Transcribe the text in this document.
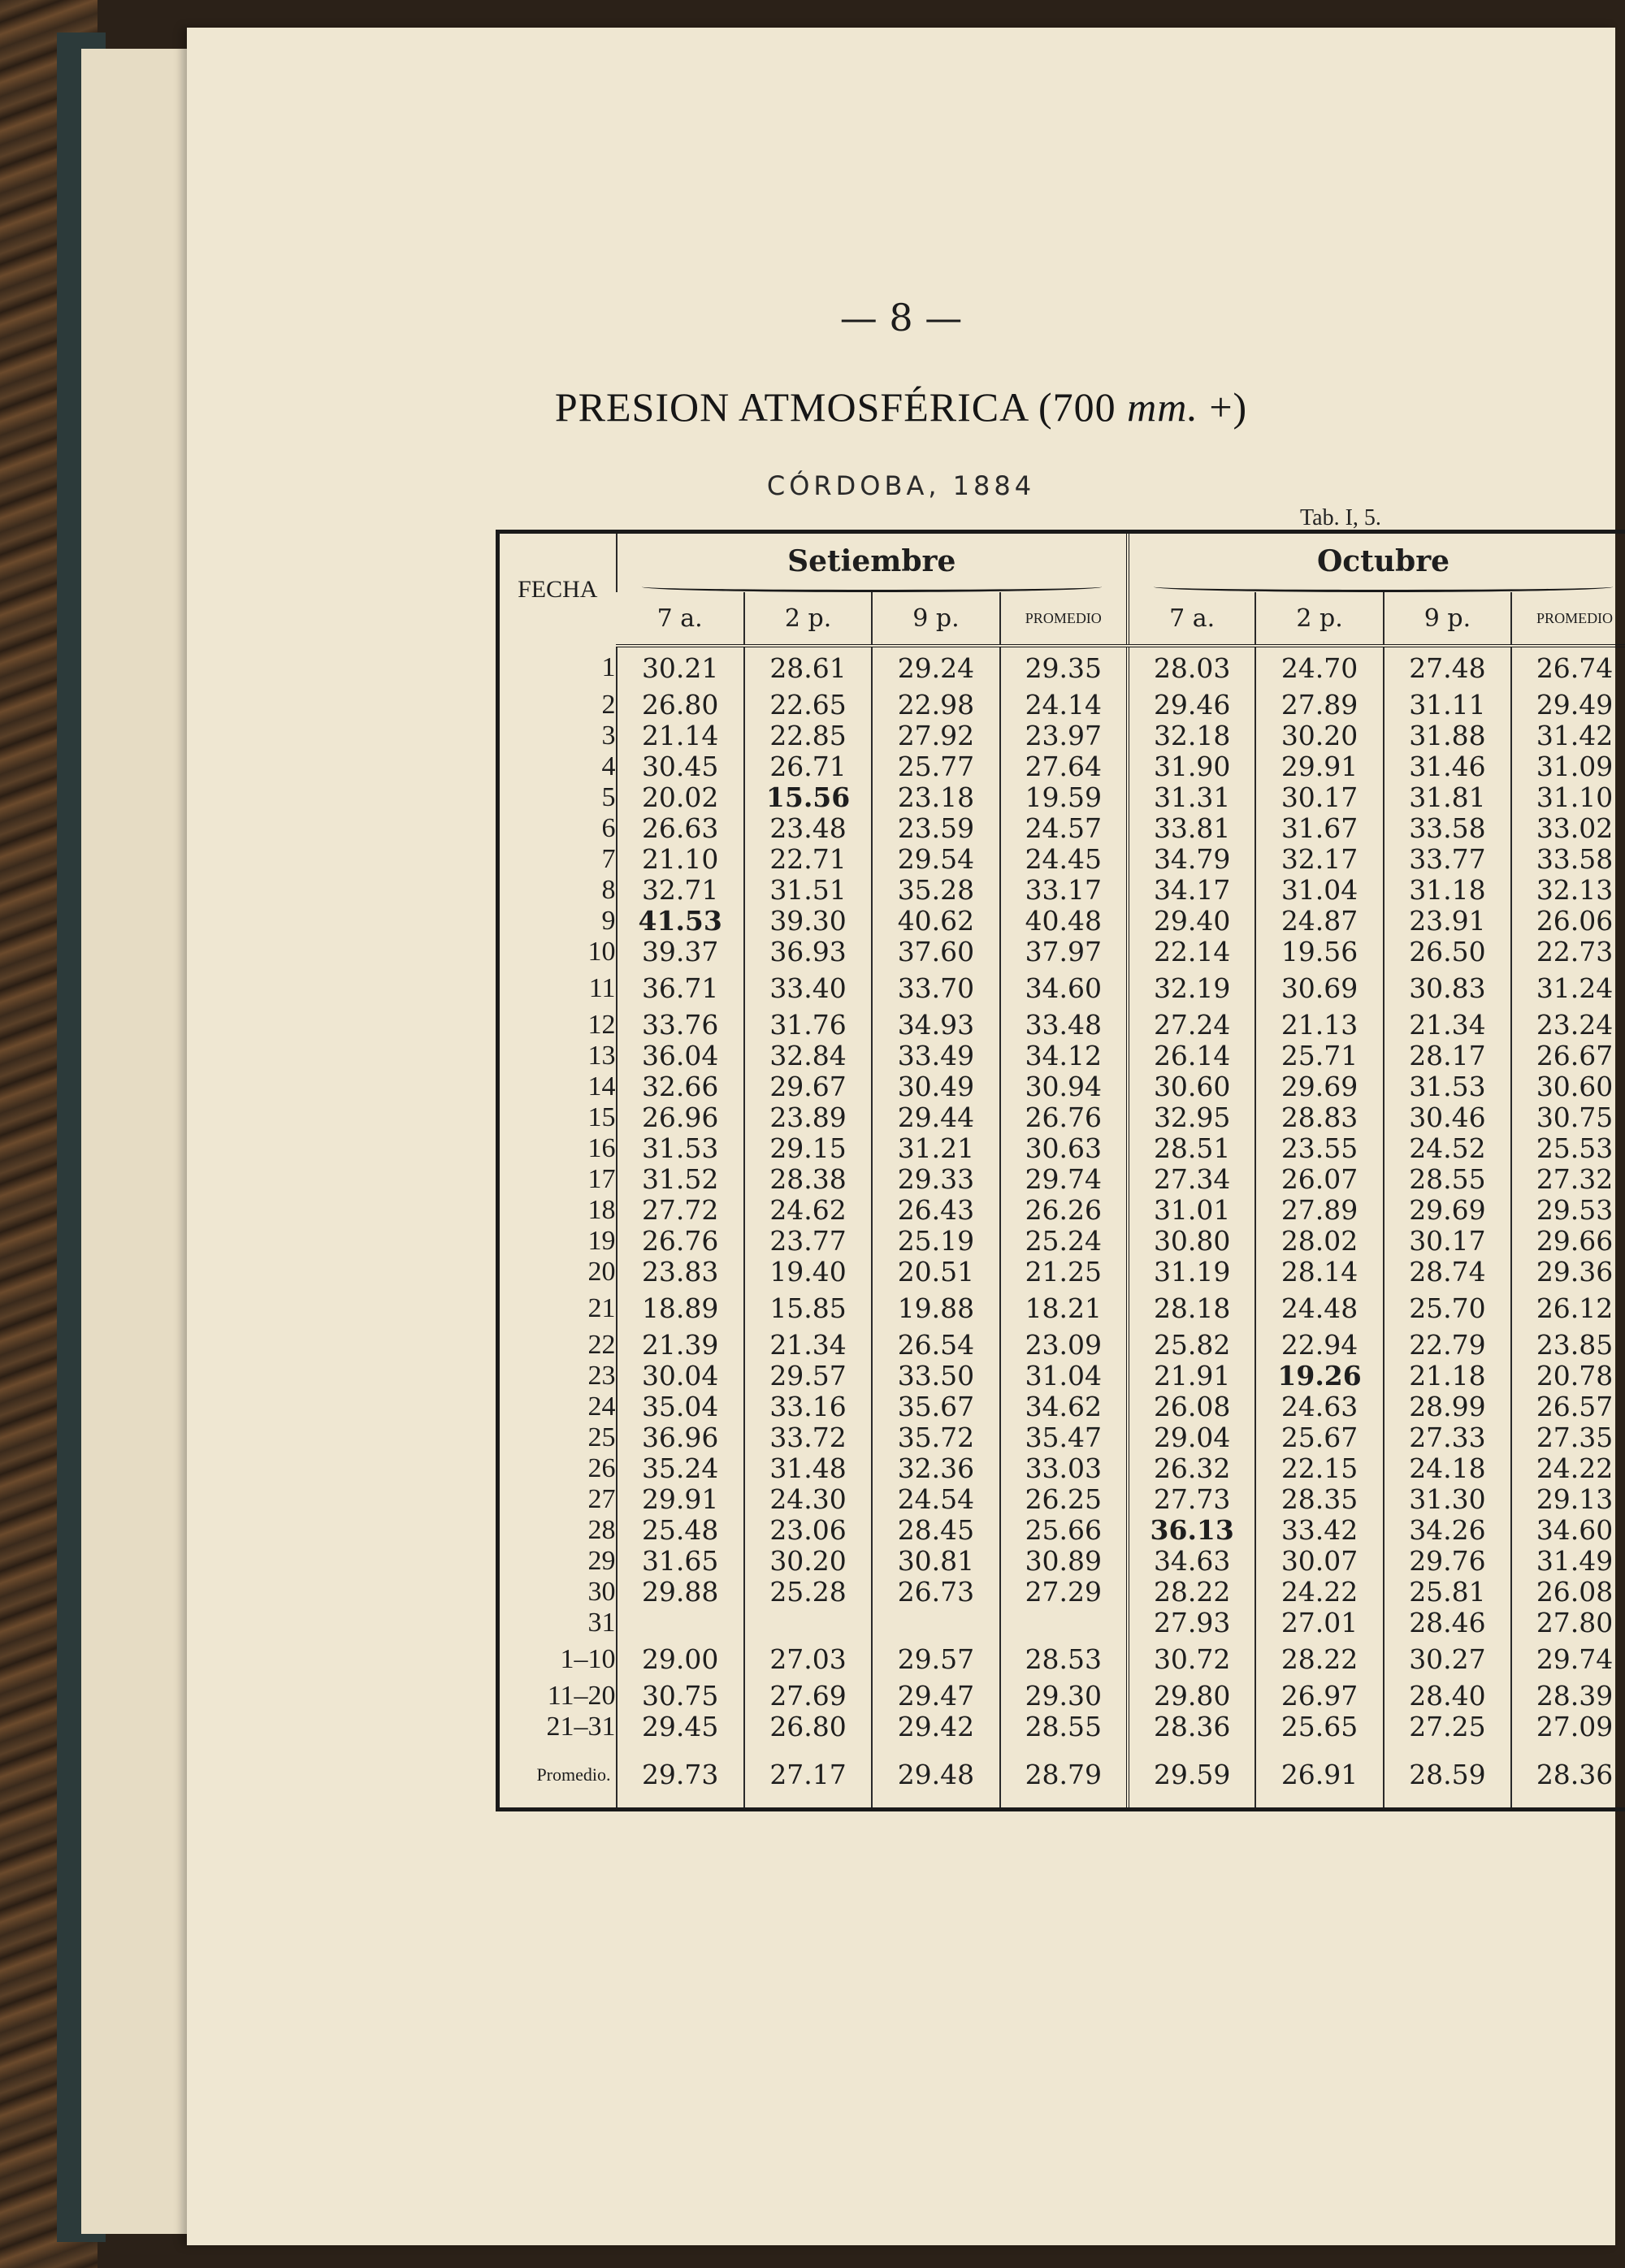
— 8 —
PRESION ATMOSFÉRICA (700 mm. +)
CÓRDOBA, 1884
Tab. I, 5.
FECHA	Setiembre				Octubre			

	7 a.	2 p.	9 p.	PROMEDIO	7 a.	2 p.	9 p.	PROMEDIO
1	30.21	28.61	29.24	29.35	28.03	24.70	27.48	26.74
2	26.80	22.65	22.98	24.14	29.46	27.89	31.11	29.49
3	21.14	22.85	27.92	23.97	32.18	30.20	31.88	31.42
4	30.45	26.71	25.77	27.64	31.90	29.91	31.46	31.09
5	20.02	15.56	23.18	19.59	31.31	30.17	31.81	31.10
6	26.63	23.48	23.59	24.57	33.81	31.67	33.58	33.02
7	21.10	22.71	29.54	24.45	34.79	32.17	33.77	33.58
8	32.71	31.51	35.28	33.17	34.17	31.04	31.18	32.13
9	41.53	39.30	40.62	40.48	29.40	24.87	23.91	26.06
10	39.37	36.93	37.60	37.97	22.14	19.56	26.50	22.73
11	36.71	33.40	33.70	34.60	32.19	30.69	30.83	31.24
12	33.76	31.76	34.93	33.48	27.24	21.13	21.34	23.24
13	36.04	32.84	33.49	34.12	26.14	25.71	28.17	26.67
14	32.66	29.67	30.49	30.94	30.60	29.69	31.53	30.60
15	26.96	23.89	29.44	26.76	32.95	28.83	30.46	30.75
16	31.53	29.15	31.21	30.63	28.51	23.55	24.52	25.53
17	31.52	28.38	29.33	29.74	27.34	26.07	28.55	27.32
18	27.72	24.62	26.43	26.26	31.01	27.89	29.69	29.53
19	26.76	23.77	25.19	25.24	30.80	28.02	30.17	29.66
20	23.83	19.40	20.51	21.25	31.19	28.14	28.74	29.36
21	18.89	15.85	19.88	18.21	28.18	24.48	25.70	26.12
22	21.39	21.34	26.54	23.09	25.82	22.94	22.79	23.85
23	30.04	29.57	33.50	31.04	21.91	19.26	21.18	20.78
24	35.04	33.16	35.67	34.62	26.08	24.63	28.99	26.57
25	36.96	33.72	35.72	35.47	29.04	25.67	27.33	27.35
26	35.24	31.48	32.36	33.03	26.32	22.15	24.18	24.22
27	29.91	24.30	24.54	26.25	27.73	28.35	31.30	29.13
28	25.48	23.06	28.45	25.66	36.13	33.42	34.26	34.60
29	31.65	30.20	30.81	30.89	34.63	30.07	29.76	31.49
30	29.88	25.28	26.73	27.29	28.22	24.22	25.81	26.08
31					27.93	27.01	28.46	27.80
1–10	29.00	27.03	29.57	28.53	30.72	28.22	30.27	29.74
11–20	30.75	27.69	29.47	29.30	29.80	26.97	28.40	28.39
21–31	29.45	26.80	29.42	28.55	28.36	25.65	27.25	27.09
Promedio.	29.73	27.17	29.48	28.79	29.59	26.91	28.59	28.36
